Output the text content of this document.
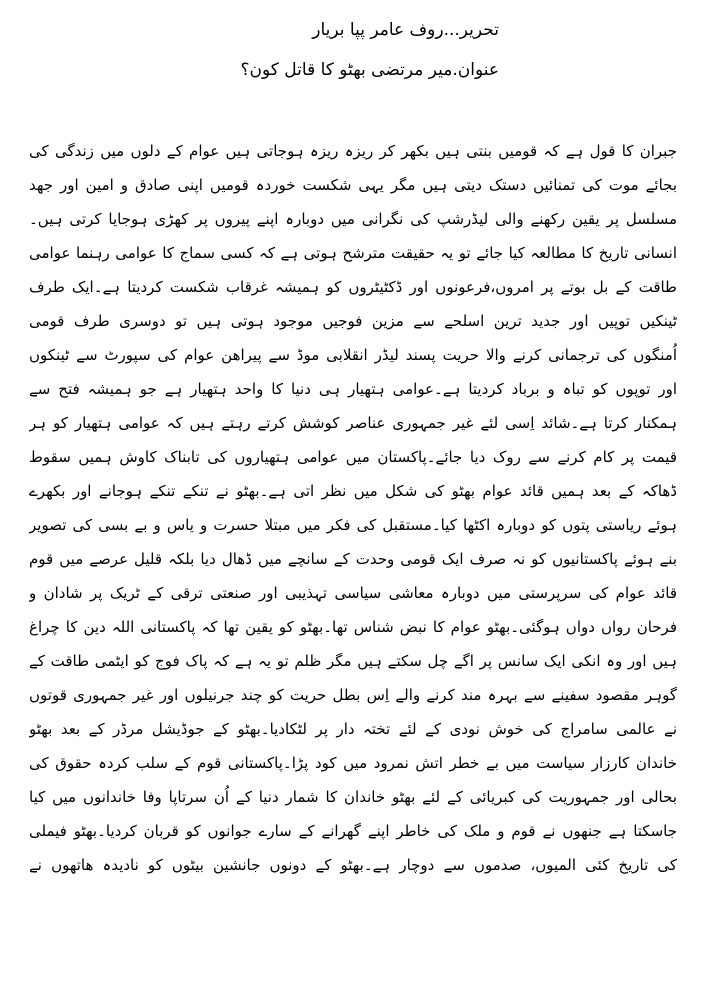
تحریر...روف عامر پپا بریار
عنوان.میر مرتضی بھٹو کا قاتل کون؟
جبران کا قول ہے کہ قومیں بنتی ہیں بکھر کر ریزہ ریزہ ہوجاتی ہیں عوام کے دلوں میں زندگی کی
بجائے موت کی تمنائیں دستک دیتی ہیں مگر یہی شکست خوردہ قومیں اپنی صادق و امین اور جھد
مسلسل پر یقین رکھنے والی لیڈرشپ کی نگرانی میں دوبارہ اپنے پیروں پر کھڑی ہوجایا کرتی ہیں۔
انسانی تاریخ کا مطالعہ کیا جائے تو یہ حقیقت مترشح ہوتی ہے کہ کسی سماج کا عوامی رہنما عوامی
طاقت کے بل بوتے پر امروں،فرعونوں اور ڈکٹیٹروں کو ہمیشہ غرقاب شکست کردیتا ہے۔ایک طرف
ٹینکیں توپیں اور جدید ترین اسلحے سے مزین فوجیں موجود ہوتی ہیں تو دوسری طرف قومی
اُمنگوں کی ترجمانی کرنے والا حریت پسند لیڈر انقلابی موڈ سے پیراھن عوام کی سپورٹ سے ٹینکوں
اور توپوں کو تباہ و برباد کردیتا ہے۔عوامی ہتھیار ہی دنیا کا واحد ہتھیار ہے جو ہمیشہ فتح سے
ہمکنار کرتا ہے۔شائد اِسی لئے غیر جمہوری عناصر کوشش کرتے رہتے ہیں کہ عوامی ہتھیار کو ہر
قیمت پر کام کرنے سے روک دیا جائے۔پاکستان میں عوامی ہتھیاروں کی تابناک کاوش ہمیں سقوط
ڈھاکہ کے بعد ہمیں قائد عوام بھٹو کی شکل میں نظر اتی ہے۔بھٹو نے تنکے تنکے ہوجانے اور بکھرے
ہوئے ریاستی پتوں کو دوبارہ اکٹھا کیا۔مستقبل کی فکر میں مبتلا حسرت و یاس و بے بسی کی تصویر
بنے ہوئے پاکستانیوں کو نہ صرف ایک قومی وحدت کے سانچے میں ڈھال دیا بلکہ قلیل عرصے میں قوم
قائد عوام کی سرپرستی میں دوبارہ معاشی سیاسی تہذیبی اور صنعتی ترقی کے ٹریک پر شادان و
فرحان رواں دواں ہوگئی۔بھٹو عوام کا نبض شناس تھا۔بھٹو کو یقین تھا کہ پاکستانی اللہ دین کا چراغ
ہیں اور وہ انکی ایک سانس پر اگے چل سکتے ہیں مگر ظلم تو یہ ہے کہ پاک فوج کو ایٹمی طاقت کے
گوہر مقصود سفینے سے بہرہ مند کرنے والے اِس بطل حریت کو چند جرنیلوں اور غیر جمہوری قوتوں
نے عالمی سامراج کی خوش نودی کے لئے تختہ دار پر لٹکادیا۔بھٹو کے جوڈیشل مرڈر کے بعد بھٹو
خاندان کارزار سیاست میں بے خطر اتش نمرود میں کود پڑا۔پاکستانی قوم کے سلب کردہ حقوق کی
بحالی اور جمہوریت کی کبریائی کے لئے بھٹو خاندان کا شمار دنیا کے اُن سرتاپا وفا خاندانوں میں کیا
جاسکتا ہے جنھوں نے قوم و ملک کی خاطر اپنے گھرانے کے سارے جوانوں کو قربان کردیا۔بھٹو فیملی
کی تاریخ کئی المیوں، صدموں سے دوچار ہے۔بھٹو کے دونوں جانشین بیٹوں کو نادیدہ ھاتھوں نے
